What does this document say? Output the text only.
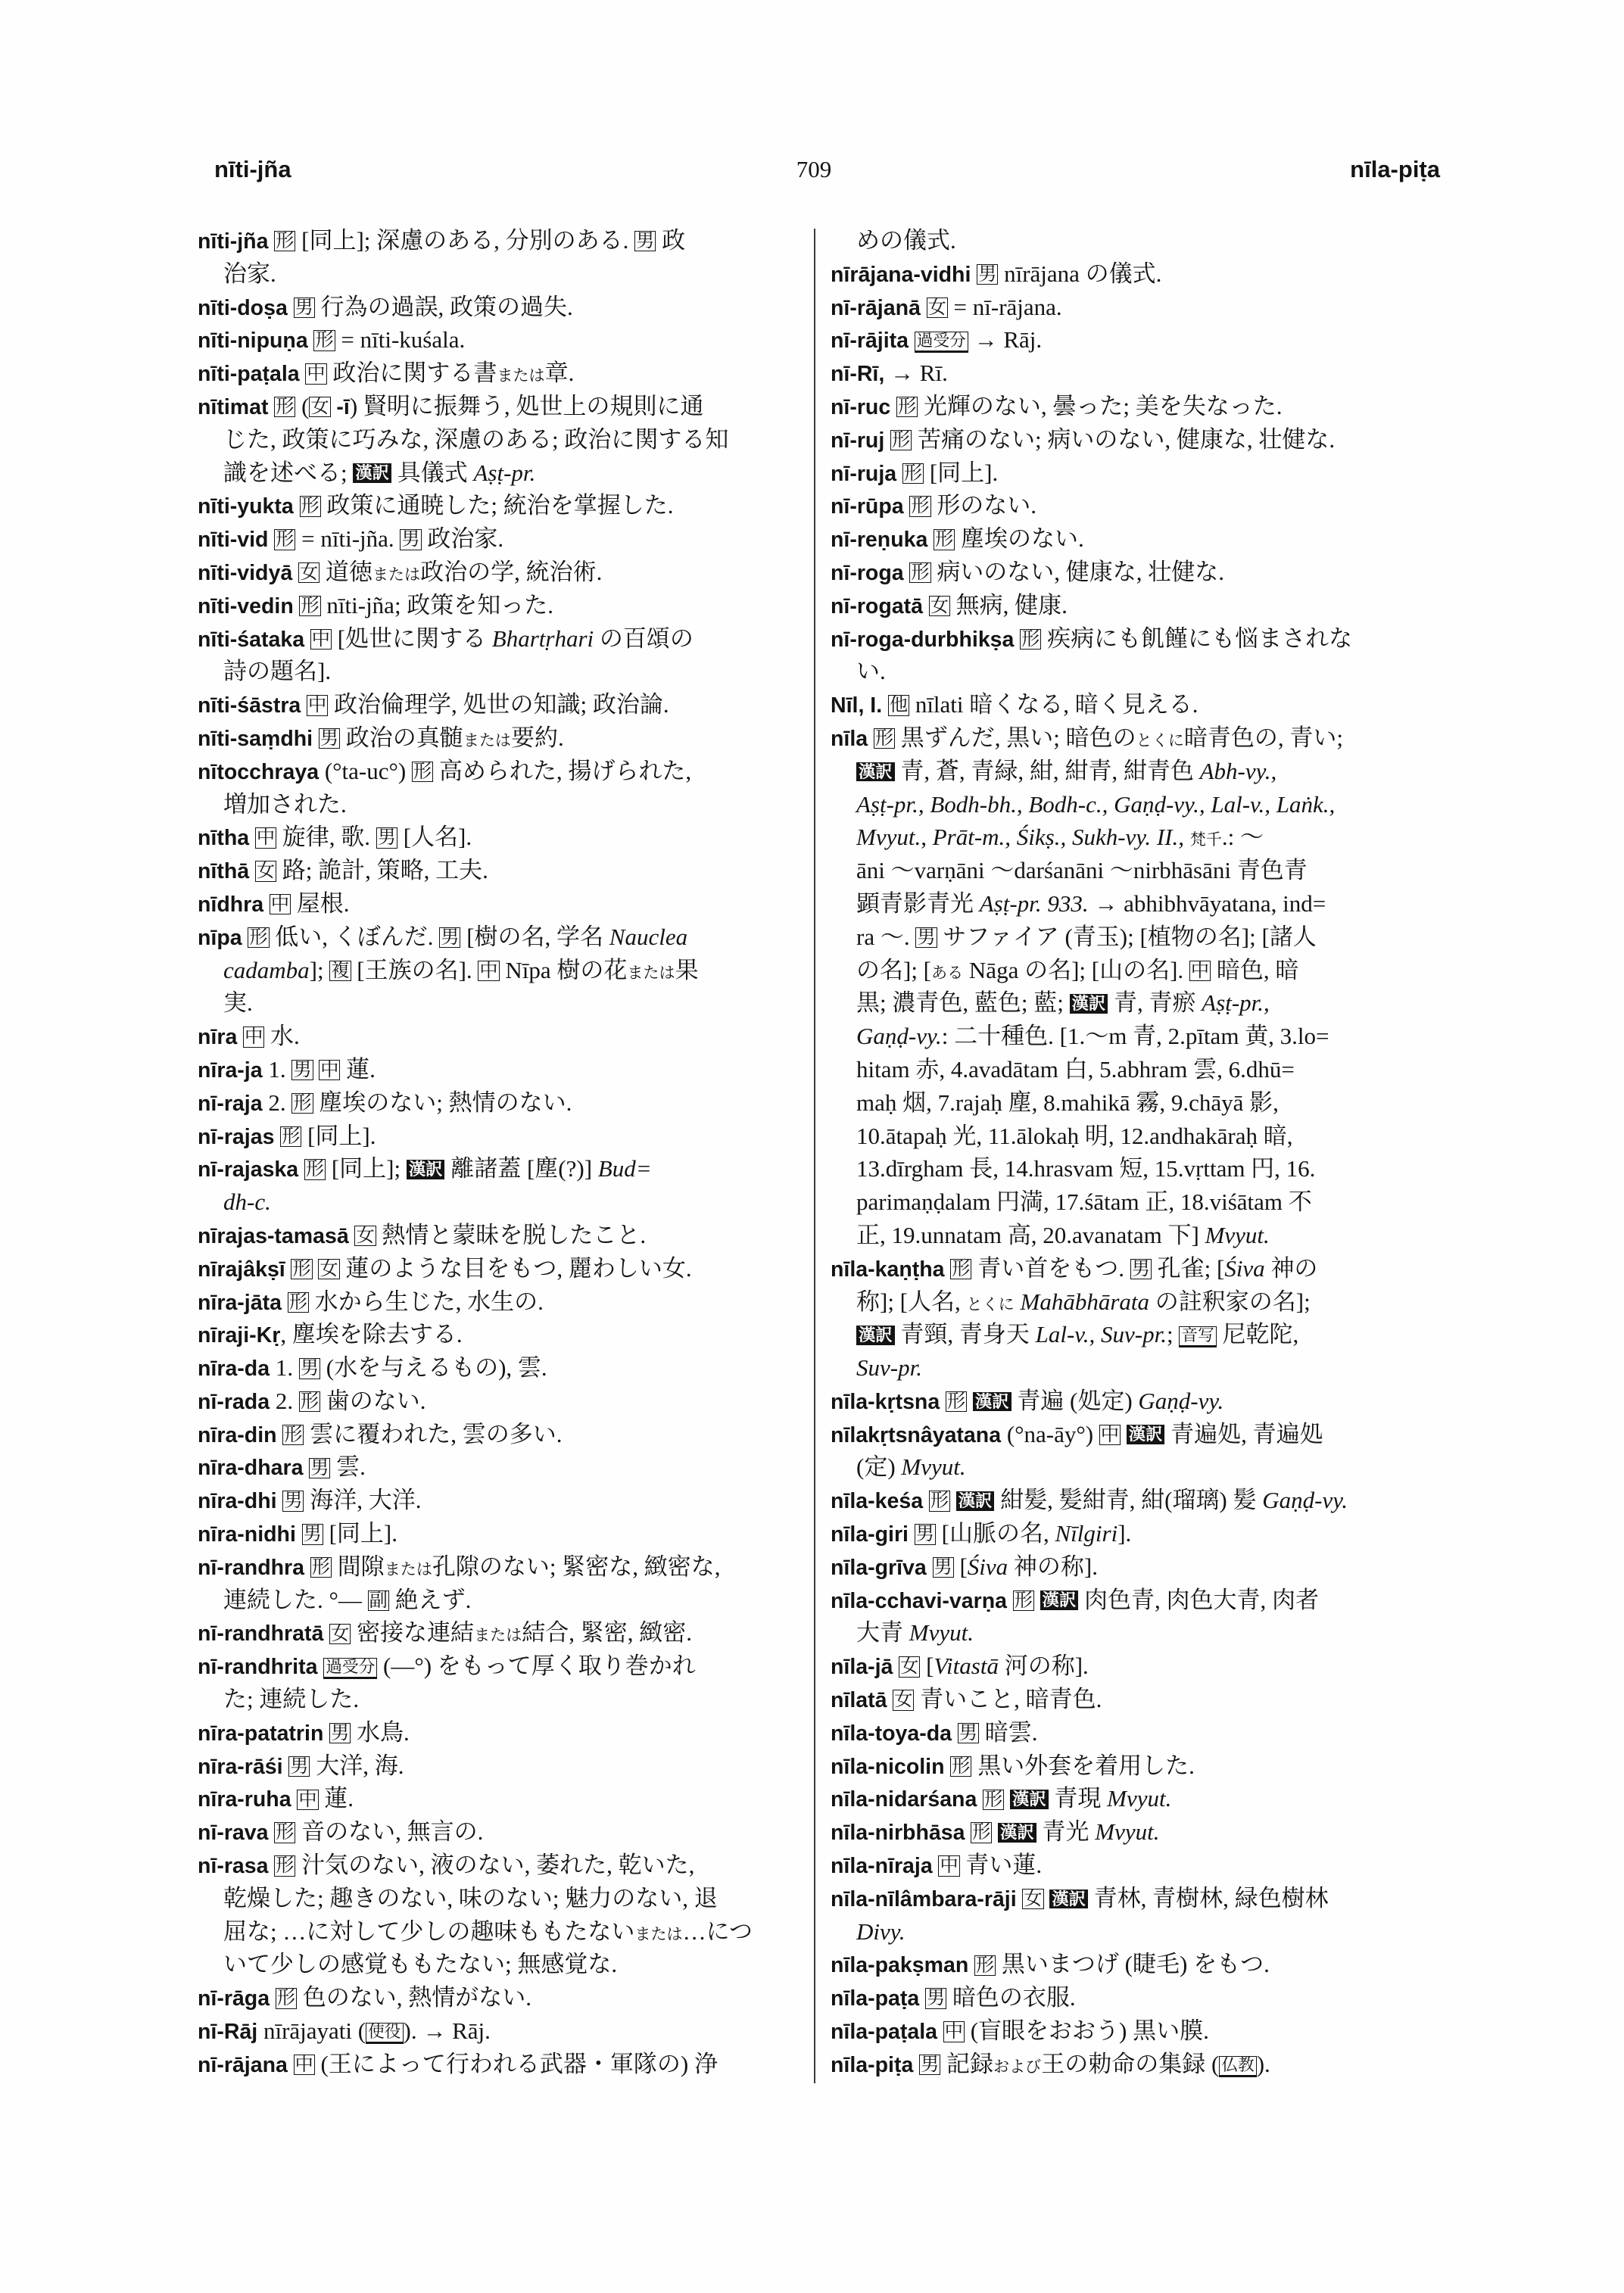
nīti-jña	709	nīla-piṭa
nīti-jña 形 [同上]; 深慮のある, 分別のある. 男 政
治家.
nīti-doṣa 男 行為の過誤, 政策の過失.
nīti-nipuṇa 形 = nīti-kuśala.
nīti-paṭala 中 政治に関する書または章.
nītimat 形 (女 -ī) 賢明に振舞う, 処世上の規則に通
じた, 政策に巧みな, 深慮のある; 政治に関する知
識を述べる; 漢訳 具儀式 Aṣṭ-pr.
nīti-yukta 形 政策に通暁した; 統治を掌握した.
nīti-vid 形 = nīti-jña. 男 政治家.
nīti-vidyā 女 道徳または政治の学, 統治術.
nīti-vedin 形 nīti-jña; 政策を知った.
nīti-śataka 中 [処世に関する Bhartṛhari の百頌の
詩の題名].
nīti-śāstra 中 政治倫理学, 処世の知識; 政治論.
nīti-saṃdhi 男 政治の真髄または要約.
nītocchraya (°ta-uc°) 形 高められた, 揚げられた,
増加された.
nītha 中 旋律, 歌. 男 [人名].
nīthā 女 路; 詭計, 策略, 工夫.
nīdhra 中 屋根.
nīpa 形 低い, くぼんだ. 男 [樹の名, 学名 Nauclea
cadamba]; 複 [王族の名]. 中 Nīpa 樹の花または果
実.
nīra 中 水.
nīra-ja 1. 男 中 蓮.
nī-raja 2. 形 塵埃のない; 熱情のない.
nī-rajas 形 [同上].
nī-rajaska 形 [同上]; 漢訳 離諸蓋 [塵(?)] Bud=
dh-c.
nīrajas-tamasā 女 熱情と蒙昧を脱したこと.
nīrajâkṣī 形 女 蓮のような目をもつ, 麗わしい女.
nīra-jāta 形 水から生じた, 水生の.
nīraji-Kṛ, 塵埃を除去する.
nīra-da 1. 男 (水を与えるもの), 雲.
nī-rada 2. 形 歯のない.
nīra-din 形 雲に覆われた, 雲の多い.
nīra-dhara 男 雲.
nīra-dhi 男 海洋, 大洋.
nīra-nidhi 男 [同上].
nī-randhra 形 間隙または孔隙のない; 緊密な, 緻密な,
連続した. °— 副 絶えず.
nī-randhratā 女 密接な連結または結合, 緊密, 緻密.
nī-randhrita 過受分 (—°) をもって厚く取り巻かれ
た; 連続した.
nīra-patatrin 男 水鳥.
nīra-rāśi 男 大洋, 海.
nīra-ruha 中 蓮.
nī-rava 形 音のない, 無言の.
nī-rasa 形 汁気のない, 液のない, 萎れた, 乾いた,
乾燥した; 趣きのない, 味のない; 魅力のない, 退
屈な; …に対して少しの趣味ももたないまたは…につ
いて少しの感覚ももたない; 無感覚な.
nī-rāga 形 色のない, 熱情がない.
nī-Rāj nīrājayati ( 使役). → Rāj.
nī-rājana 中 (王によって行われる武器・軍隊の) 浄
めの儀式.
nīrājana-vidhi 男 nīrājana の儀式.
nī-rājanā 女 = nī-rājana.
nī-rājita 過受分 → Rāj.
nī-Rī, → Rī.
nī-ruc 形 光輝のない, 曇った; 美を失なった.
nī-ruj 形 苦痛のない; 病いのない, 健康な, 壮健な.
nī-ruja 形 [同上].
nī-rūpa 形 形のない.
nī-reṇuka 形 塵埃のない.
nī-roga 形 病いのない, 健康な, 壮健な.
nī-rogatā 女 無病, 健康.
nī-roga-durbhikṣa 形 疾病にも飢饉にも悩まされな
い.
Nīl, I. 他 nīlati 暗くなる, 暗く見える.
nīla 形 黒ずんだ, 黒い; 暗色のとくに暗青色の, 青い;
漢訳 青, 蒼, 青緑, 紺, 紺青, 紺青色 Abh-vy.,
Aṣṭ-pr., Bodh-bh., Bodh-c., Gaṇḍ-vy., Lal-v., Laṅk.,
Mvyut., Prāt-m., Śikṣ., Sukh-vy. II., 梵千.: ～
āni ～varṇāni ～darśanāni ～nirbhāsāni 青色青
顕青影青光 Aṣṭ-pr. 933. → abhibhvāyatana, ind=
ra ～. 男 サファイア (青玉); [植物の名]; [諸人
の名]; [ある Nāga の名]; [山の名]. 中 暗色, 暗
黒; 濃青色, 藍色; 藍; 漢訳 青, 青瘀 Aṣṭ-pr.,
Gaṇḍ-vy.: 二十種色. [1.～m 青, 2.pītam 黄, 3.lo=
hitam 赤, 4.avadātam 白, 5.abhram 雲, 6.dhū=
maḥ 烟, 7.rajaḥ 塵, 8.mahikā 霧, 9.chāyā 影,
10.ātapaḥ 光, 11.ālokaḥ 明, 12.andhakāraḥ 暗,
13.dīrgham 長, 14.hrasvam 短, 15.vṛttam 円, 16.
parimaṇḍalam 円満, 17.śātam 正, 18.viśātam 不
正, 19.unnatam 高, 20.avanatam 下] Mvyut.
nīla-kaṇṭha 形 青い首をもつ. 男 孔雀; [Śiva 神の
称]; [人名, とくに Mahābhārata の註釈家の名];
漢訳 青頸, 青身天 Lal-v., Suv-pr.; 音写 尼乾陀,
Suv-pr.
nīla-kṛtsna 形 漢訳 青遍 (処定) Gaṇḍ-vy.
nīlakṛtsnâyatana (°na-āy°) 中 漢訳 青遍処, 青遍処
(定) Mvyut.
nīla-keśa 形 漢訳 紺髪, 髪紺青, 紺(瑠璃) 髪 Gaṇḍ-vy.
nīla-giri 男 [山脈の名, Nīlgiri].
nīla-grīva 男 [Śiva 神の称].
nīla-cchavi-varṇa 形 漢訳 肉色青, 肉色大青, 肉者
大青 Mvyut.
nīla-jā 女 [Vitastā 河の称].
nīlatā 女 青いこと, 暗青色.
nīla-toya-da 男 暗雲.
nīla-nicolin 形 黒い外套を着用した.
nīla-nidarśana 形 漢訳 青現 Mvyut.
nīla-nirbhāsa 形 漢訳 青光 Mvyut.
nīla-nīraja 中 青い蓮.
nīla-nīlâmbara-rāji 女 漢訳 青林, 青樹林, 緑色樹林
Divy.
nīla-pakṣman 形 黒いまつげ (睫毛) をもつ.
nīla-paṭa 男 暗色の衣服.
nīla-paṭala 中 (盲眼をおおう) 黒い膜.
nīla-piṭa 男 記録および王の勅命の集録 ( 仏教).
